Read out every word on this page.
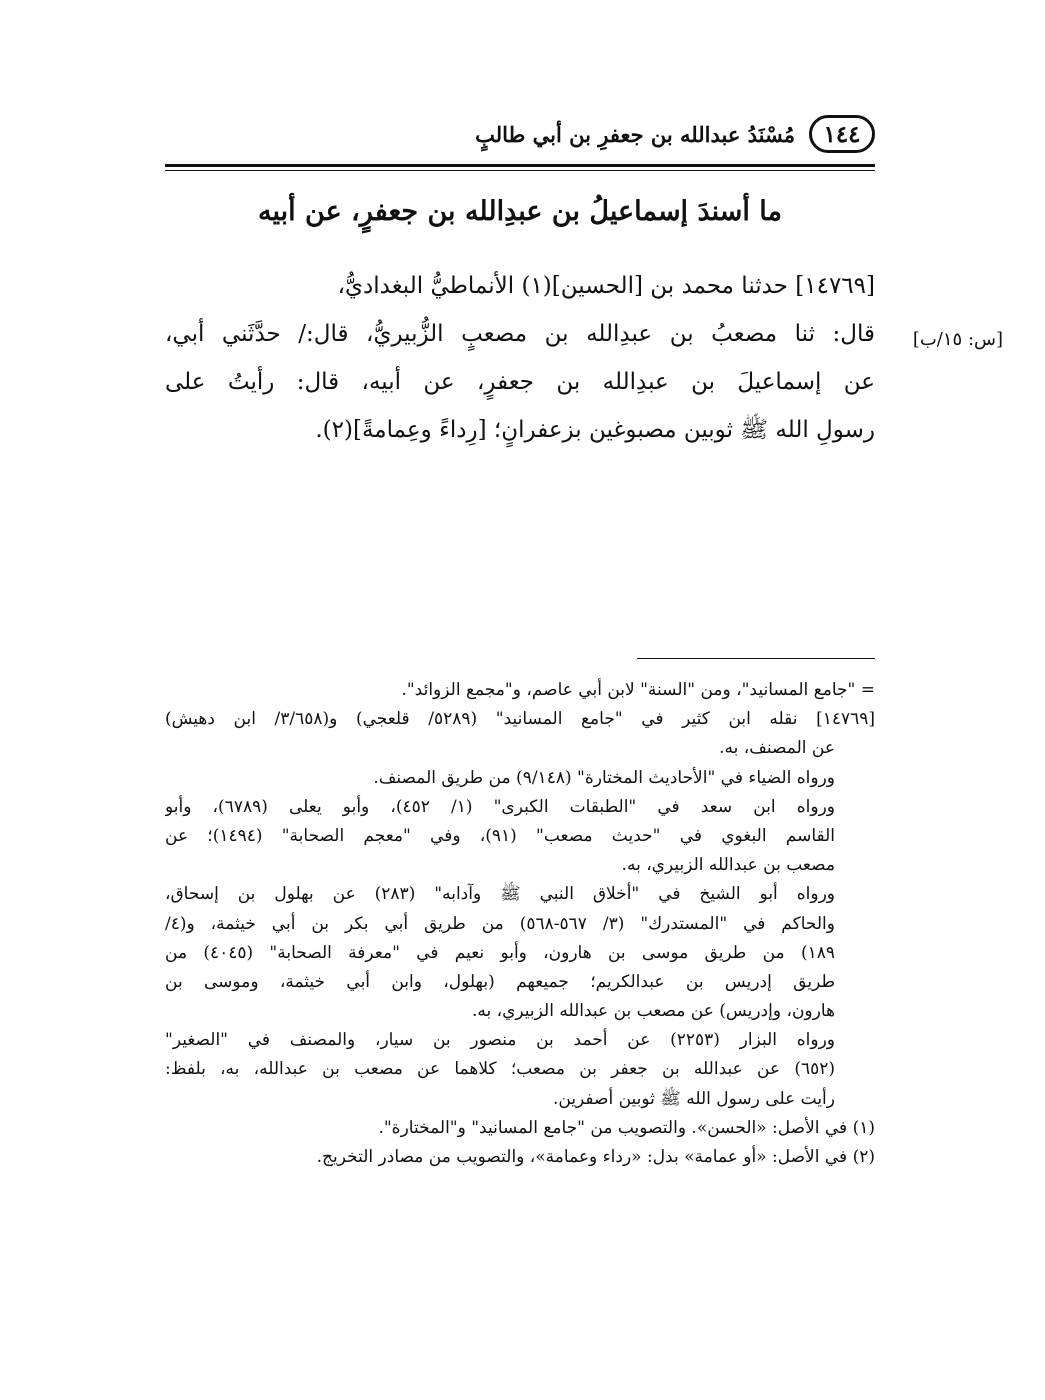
١٤٤
مُسْنَدُ عبدالله بن جعفرِ بن أبي طالبٍ
ما أسندَ إسماعيلُ بن عبدِالله بن جعفرٍ، عن أبيه
[١٤٧٦٩] حدثنا محمد بن [الحسين](١) الأنماطيُّ البغداديُّ،
قال: ثنا مصعبُ بن عبدِالله بن مصعبٍ الزُّبيريُّ، قال:/ حدَّثَني أبي،
عن إسماعيلَ بن عبدِالله بن جعفرٍ، عن أبيه، قال: رأيتُ على
رسولِ الله ﷺ ثوبين مصبوغين بزعفرانٍ؛ [رِداءً وعِمامةً](٢).
[س: ١٥/ب]
= "جامع المسانيد"، ومن "السنة" لابن أبي عاصم، و"مجمع الزوائد".
[١٤٧٦٩] نقله ابن كثير في "جامع المسانيد" (٥٢٨٩/ قلعجي) و(٣/٦٥٨/ ابن دهيش)
عن المصنف، به.
ورواه الضياء في "الأحاديث المختارة" (٩/١٤٨) من طريق المصنف.
ورواه ابن سعد في "الطبقات الكبرى" (١/ ٤٥٢)، وأبو يعلى (٦٧٨٩)، وأبو
القاسم البغوي في "حديث مصعب" (٩١)، وفي "معجم الصحابة" (١٤٩٤)؛ عن
مصعب بن عبدالله الزبيري، به.
ورواه أبو الشيخ في "أخلاق النبي ﷺ وآدابه" (٢٨٣) عن بهلول بن إسحاق،
والحاكم في "المستدرك" (٣/ ٥٦٧-٥٦٨) من طريق أبي بكر بن أبي خيثمة، و(٤/
١٨٩) من طريق موسى بن هارون، وأبو نعيم في "معرفة الصحابة" (٤٠٤٥) من
طريق إدريس بن عبدالكريم؛ جميعهم (بهلول، وابن أبي خيثمة، وموسى بن
هارون، وإدريس) عن مصعب بن عبدالله الزبيري، به.
ورواه البزار (٢٢٥٣) عن أحمد بن منصور بن سيار، والمصنف في "الصغير"
(٦٥٢) عن عبدالله بن جعفر بن مصعب؛ كلاهما عن مصعب بن عبدالله، به، بلفظ:
رأيت على رسول الله ﷺ ثوبين أصفرين.
(١) في الأصل: «الحسن». والتصويب من "جامع المسانيد" و"المختارة".
(٢) في الأصل: «أو عمامة» بدل: «رداء وعمامة»، والتصويب من مصادر التخريج.
